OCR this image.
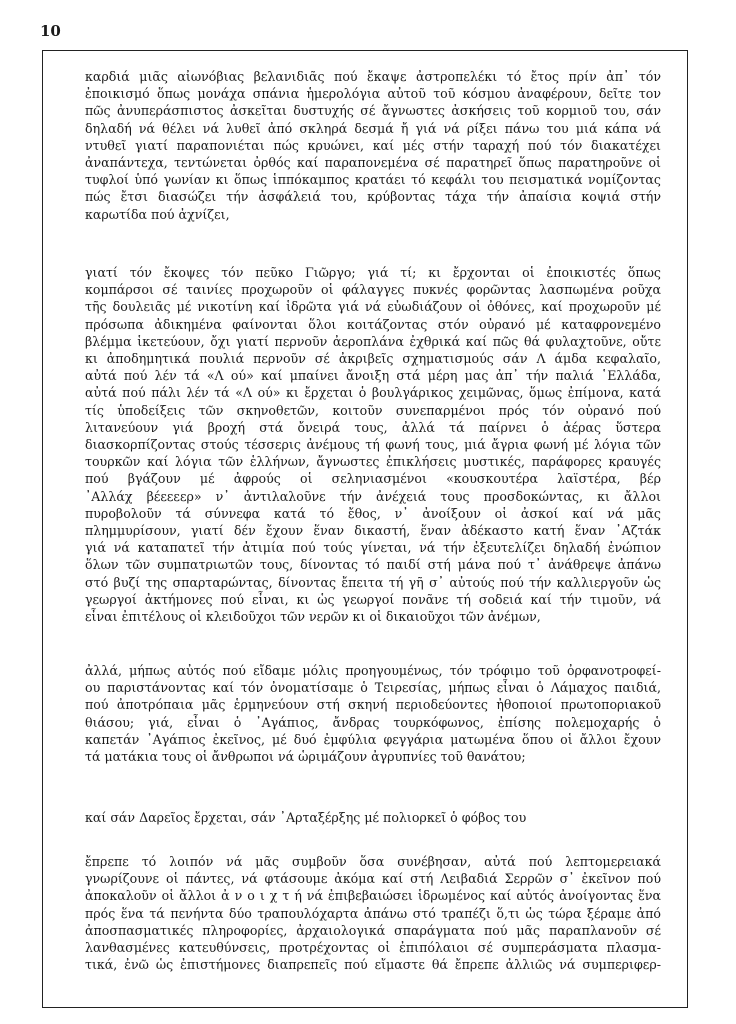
10
καρδιά μιᾶς αἰωνόβιας βελανιδιᾶς πού ἔκαψε ἀστροπελέκι τό ἔτος πρίν ἀπ᾿ τόν
ἐποικισμό ὅπως μονάχα σπάνια ἡμερολόγια αὐτοῦ τοῦ κόσμου ἀναφέρουν, δεῖτε τον
πῶς ἀνυπεράσπιστος ἀσκεῖται δυστυχής σέ ἄγνωστες ἀσκήσεις τοῦ κορμιοῦ του, σάν
δηλαδή νά θέλει νά λυθεῖ ἀπό σκληρά δεσμά ἤ γιά νά ρίξει πάνω του μιά κάπα νά
ντυθεῖ γιατί παραπονιέται πώς κρυώνει, καί μές στήν ταραχή πού τόν διακατέχει
ἀναπάντεχα, τεντώνεται ὀρθός καί παραπονεμένα σέ παρατηρεῖ ὅπως παρατηροῦνε οἱ
τυφλοί ὑπό γωνίαν κι ὅπως ἱππόκαμπος κρατάει τό κεφάλι του πεισματικά νομίζοντας
πώς ἔτσι διασώζει τήν ἀσφάλειά του, κρύβοντας τάχα τήν ἀπαίσια κοψιά στήν
καρωτίδα πού ἀχνίζει,
γιατί τόν ἔκοψες τόν πεῦκο Γιῶργο; γιά τί; κι ἔρχονται οἱ ἐποικιστές ὅπως
κομπάρσοι σέ ταινίες προχωροῦν οἱ φάλαγγες πυκνές φορῶντας λασπωμένα ροῦχα
τῆς δουλειᾶς μέ νικοτίνη καί ἱδρῶτα γιά νά εὐωδιάζουν οἱ ὀθόνες, καί προχωροῦν μέ
πρόσωπα ἀδικημένα φαίνονται ὅλοι κοιτάζοντας στόν οὐρανό μέ καταφρονεμένο
βλέμμα ἱκετεύουν, ὄχι γιατί περνοῦν ἀεροπλάνα ἐχθρικά καί πῶς θά φυλαχτοῦνε, οὔτε
κι ἀποδημητικά πουλιά περνοῦν σέ ἀκριβεῖς σχηματισμούς σάν Λ άμδα κεφαλαῖο,
αὐτά πού λέν τά «Λ ού» καί μπαίνει ἄνοιξη στά μέρη μας ἀπ᾿ τήν παλιά ῾Ελλάδα,
αὐτά πού πάλι λέν τά «Λ ού» κι ἔρχεται ὁ βουλγάρικος χειμῶνας, ὅμως ἐπίμονα, κατά
τίς ὑποδείξεις τῶν σκηνοθετῶν, κοιτοῦν συνεπαρμένοι πρός τόν οὐρανό πού
λιτανεύουν γιά βροχή στά ὄνειρά τους, ἀλλά τά παίρνει ὁ ἀέρας ὕστερα
διασκορπίζοντας στούς τέσσερις ἀνέμους τή φωνή τους, μιά ἄγρια φωνή μέ λόγια τῶν
τουρκῶν καί λόγια τῶν ἑλλήνων, ἄγνωστες ἐπικλήσεις μυστικές, παράφορες κραυγές
πού βγάζουν μέ ἀφρούς οἱ σεληνιασμένοι «κουσκουτέρα λαϊστέρα, βέρ
᾿Αλλάχ βέεεεερ» ν᾿ ἀντιλαλοῦνε τήν ἀνέχειά τους προσδοκώντας, κι ἄλλοι
πυροβολοῦν τά σύννεφα κατά τό ἔθος, ν᾿ ἀνοίξουν οἱ ἀσκοί καί νά μᾶς
πλημμυρίσουν, γιατί δέν ἔχουν ἕναν δικαστή, ἕναν ἀδέκαστο κατή ἕναν ᾿Αζτάκ
γιά νά καταπατεῖ τήν ἀτιμία πού τούς γίνεται, νά τήν ἐξευτελίζει δηλαδή ἐνώπιον
ὅλων τῶν συμπατριωτῶν τους, δίνοντας τό παιδί στή μάνα πού τ᾿ ἀνάθρεψε ἀπάνω
στό βυζί της σπαρταρώντας, δίνοντας ἔπειτα τή γῆ σ᾿ αὐτούς πού τήν καλλιεργοῦν ὡς
γεωργοί ἀκτήμονες πού εἶναι, κι ὡς γεωργοί πονᾶνε τή σοδειά καί τήν τιμοῦν, νά
εἶναι ἐπιτέλους οἱ κλειδοῦχοι τῶν νερῶν κι οἱ δικαιοῦχοι τῶν ἀνέμων,
ἀλλά, μήπως αὐτός πού εἴδαμε μόλις προηγουμένως, τόν τρόφιμο τοῦ ὀρφανοτροφεί-
ου παριστάνοντας καί τόν ὀνοματίσαμε ὁ Τειρεσίας, μήπως εἶναι ὁ Λάμαχος παιδιά,
πού ἀποτρόπαια μᾶς ἑρμηνεύουν στή σκηνή περιοδεύοντες ἠθοποιοί πρωτοποριακοῦ
θιάσου; γιά, εἶναι ὁ ᾿Αγάπιος, ἄνδρας τουρκόφωνος, ἐπίσης πολεμοχαρής ὁ
καπετάν ᾿Αγάπιος ἐκεῖνος, μέ δυό ἐμφύλια φεγγάρια ματωμένα ὅπου οἱ ἄλλοι ἔχουν
τά ματάκια τους οἱ ἄνθρωποι νά ὡριμάζουν ἀγρυπνίες τοῦ θανάτου;
καί σάν Δαρεῖος ἔρχεται, σάν ᾿Αρταξέρξης μέ πολιορκεῖ ὁ φόβος του
ἔπρεπε τό λοιπόν νά μᾶς συμβοῦν ὅσα συνέβησαν, αὐτά πού λεπτομερειακά
γνωρίζουνε οἱ πάντες, νά φτάσουμε ἀκόμα καί στή Λειβαδιά Σερρῶν σ᾿ ἐκεῖνον πού
ἀποκαλοῦν οἱ ἄλλοι ἀ ν ο ι χ τ ή νά ἐπιβεβαιώσει ἱδρωμένος καί αὐτός ἀνοίγοντας ἕνα
πρός ἕνα τά πενήντα δύο τραπουλόχαρτα ἀπάνω στό τραπέζι ὅ,τι ὡς τώρα ξέραμε ἀπό
ἀποσπασματικές πληροφορίες, ἀρχαιολογικά σπαράγματα πού μᾶς παραπλανοῦν σέ
λανθασμένες κατευθύνσεις, προτρέχοντας οἱ ἐπιπόλαιοι σέ συμπεράσματα πλασμα-
τικά, ἐνῶ ὡς ἐπιστήμονες διαπρεπεῖς πού εἴμαστε θά ἔπρεπε ἀλλιῶς νά συμπεριφερ-
